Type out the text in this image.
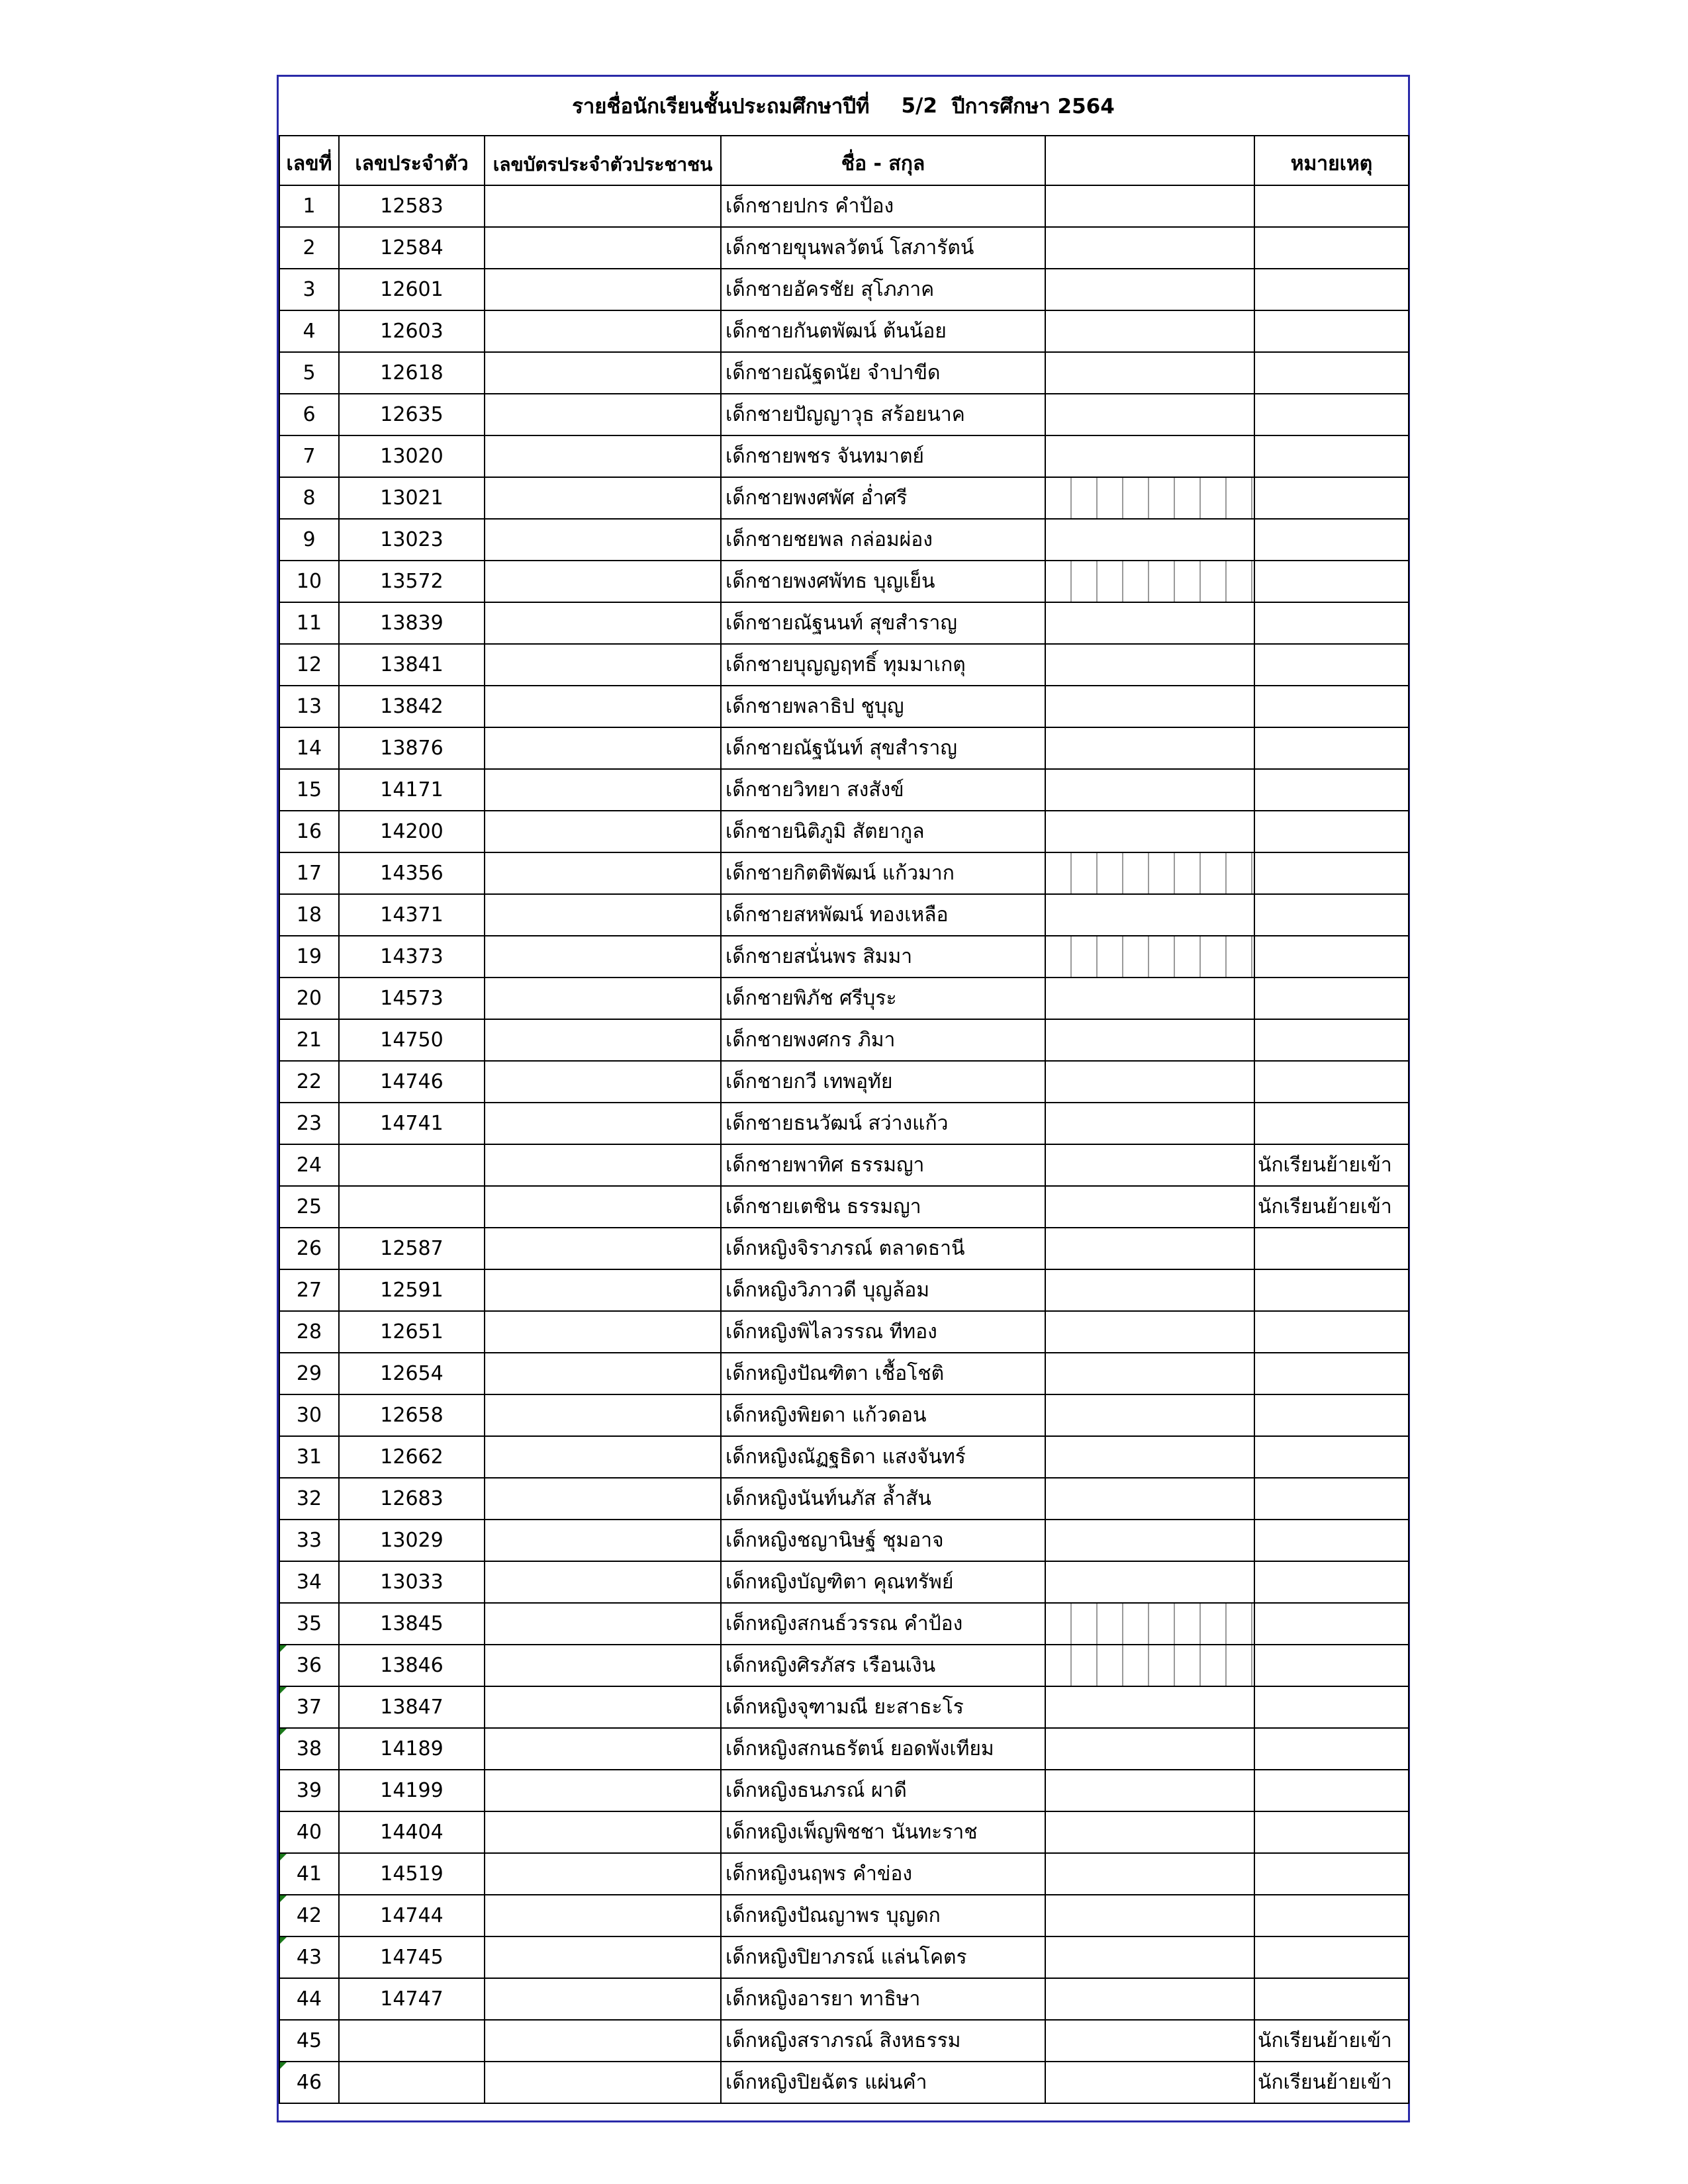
รายชื่อนักเรียนชั้นประถมศึกษาปีที่ 5/2 ปีการศึกษา 2564
เลขที่	เลขประจำตัว	เลขบัตรประจำตัวประชาชน	ชื่อ - สกุล		หมายเหตุ
1	12583		เด็กชายปกร คำป้อง		
2	12584		เด็กชายขุนพลวัตน์ โสภารัตน์		
3	12601		เด็กชายอัครชัย สุโภภาค		
4	12603		เด็กชายกันตพัฒน์ ต้นน้อย		
5	12618		เด็กชายณัฐดนัย จำปาขีด		
6	12635		เด็กชายปัญญาวุธ สร้อยนาค		
7	13020		เด็กชายพชร จันทมาตย์		
8	13021		เด็กชายพงศพัศ อ่ำศรี		
9	13023		เด็กชายชยพล กล่อมผ่อง		
10	13572		เด็กชายพงศพัทธ บุญเย็น		
11	13839		เด็กชายณัฐนนท์ สุขสำราญ		
12	13841		เด็กชายบุญญฤทธิ์ ทุมมาเกตุ		
13	13842		เด็กชายพลาธิป ชูบุญ		
14	13876		เด็กชายณัฐนันท์ สุขสำราญ		
15	14171		เด็กชายวิทยา สงสังข์		
16	14200		เด็กชายนิติภูมิ สัตยากูล		
17	14356		เด็กชายกิตติพัฒน์ แก้วมาก		
18	14371		เด็กชายสหพัฒน์ ทองเหลือ		
19	14373		เด็กชายสนั่นพร สิมมา		
20	14573		เด็กชายพิภัช ศรีบุระ		
21	14750		เด็กชายพงศกร ภิมา		
22	14746		เด็กชายกวี เทพอุทัย		
23	14741		เด็กชายธนวัฒน์ สว่างแก้ว		
24			เด็กชายพาทิศ ธรรมญา		นักเรียนย้ายเข้า
25			เด็กชายเตชิน ธรรมญา		นักเรียนย้ายเข้า
26	12587		เด็กหญิงจิราภรณ์ ตลาดธานี		
27	12591		เด็กหญิงวิภาวดี บุญล้อม		
28	12651		เด็กหญิงพิไลวรรณ ทีทอง		
29	12654		เด็กหญิงปัณฑิตา เชื้อโชติ		
30	12658		เด็กหญิงพิยดา แก้วดอน		
31	12662		เด็กหญิงณัฏฐธิดา แสงจันทร์		
32	12683		เด็กหญิงนันท์นภัส ล้ำสัน		
33	13029		เด็กหญิงชญานิษฐ์ ชุมอาจ		
34	13033		เด็กหญิงบัญฑิตา คุณทรัพย์		
35	13845		เด็กหญิงสกนธ์วรรณ คำป้อง		

36	13846		เด็กหญิงศิรภัสร เรือนเงิน		

37	13847		เด็กหญิงจุฑามณี ยะสาธะโร		

38	14189		เด็กหญิงสกนธรัตน์ ยอดพังเทียม		
39	14199		เด็กหญิงธนภรณ์ ผาดี		
40	14404		เด็กหญิงเพ็ญพิชชา นันทะราช		

41	14519		เด็กหญิงนฤพร คำข่อง		

42	14744		เด็กหญิงปัณญาพร บุญดก		

43	14745		เด็กหญิงปิยาภรณ์ แล่นโคตร		
44	14747		เด็กหญิงอารยา ทาธิษา		
45			เด็กหญิงสราภรณ์ สิงหธรรม		นักเรียนย้ายเข้า

46			เด็กหญิงปิยฉัตร แผ่นคำ		นักเรียนย้ายเข้า
